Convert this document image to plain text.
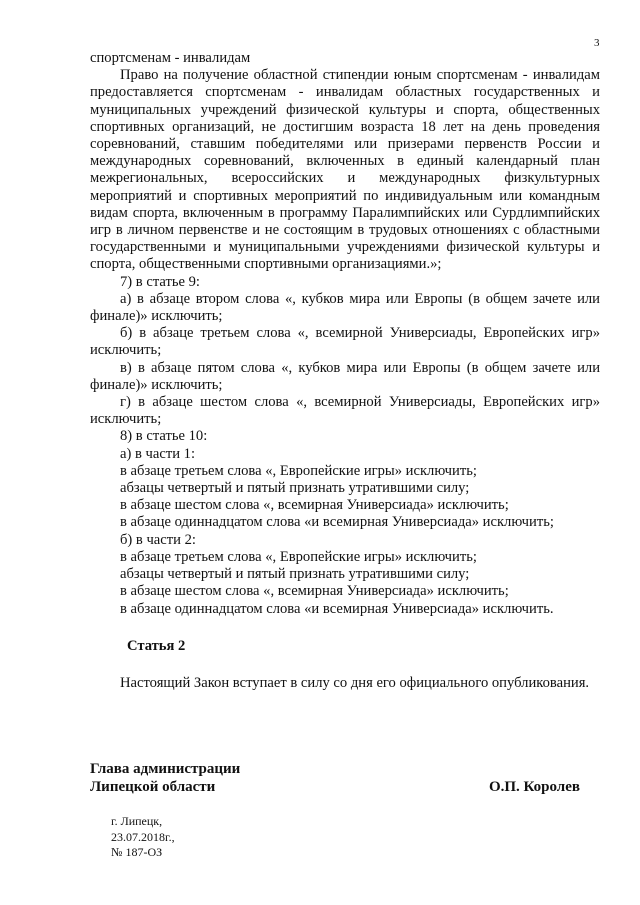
3

спортсменам - инвалидам

Право на получение областной стипендии юным спортсменам - инвалидам предоставляется спортсменам - инвалидам областных государственных и муниципальных учреждений физической культуры и спорта, общественных спортивных организаций, не достигшим возраста 18 лет на день проведения соревнований, ставшим победителями или призерами первенств России и международных соревнований, включенных в единый календарный план межрегиональных, всероссийских и международных физкультурных мероприятий и спортивных мероприятий по индивидуальным или командным видам спорта, включенным в программу Паралимпийских или Сурдлимпийских игр в личном первенстве и не состоящим в трудовых отношениях с областными государственными и муниципальными учреждениями физической культуры и спорта, общественными спортивными организациями.»;

7) в статье 9:

а) в абзаце втором слова «, кубков мира или Европы (в общем зачете или финале)» исключить;

б) в абзаце третьем слова «, всемирной Универсиады, Европейских игр» исключить;

в) в абзаце пятом слова «, кубков мира или Европы (в общем зачете или финале)» исключить;

г) в абзаце шестом слова «, всемирной Универсиады, Европейских игр» исключить;

8) в статье 10:

а) в части 1:

в абзаце третьем слова «, Европейские игры» исключить;

абзацы четвертый и пятый признать утратившими силу;

в абзаце шестом слова «, всемирная Универсиада» исключить;

в абзаце одиннадцатом слова «и всемирная Универсиада» исключить;

б) в части 2:

в абзаце третьем слова «, Европейские игры» исключить;

абзацы четвертый и пятый признать утратившими силу;

в абзаце шестом слова «, всемирная Универсиада» исключить;

в абзаце одиннадцатом слова «и всемирная Универсиада» исключить.

Статья 2

Настоящий Закон вступает в силу со дня его официального опубликования.

Глава администрации
Липецкой области	О.П. Королев
г. Липецк,
23.07.2018г.,
№ 187-ОЗ
